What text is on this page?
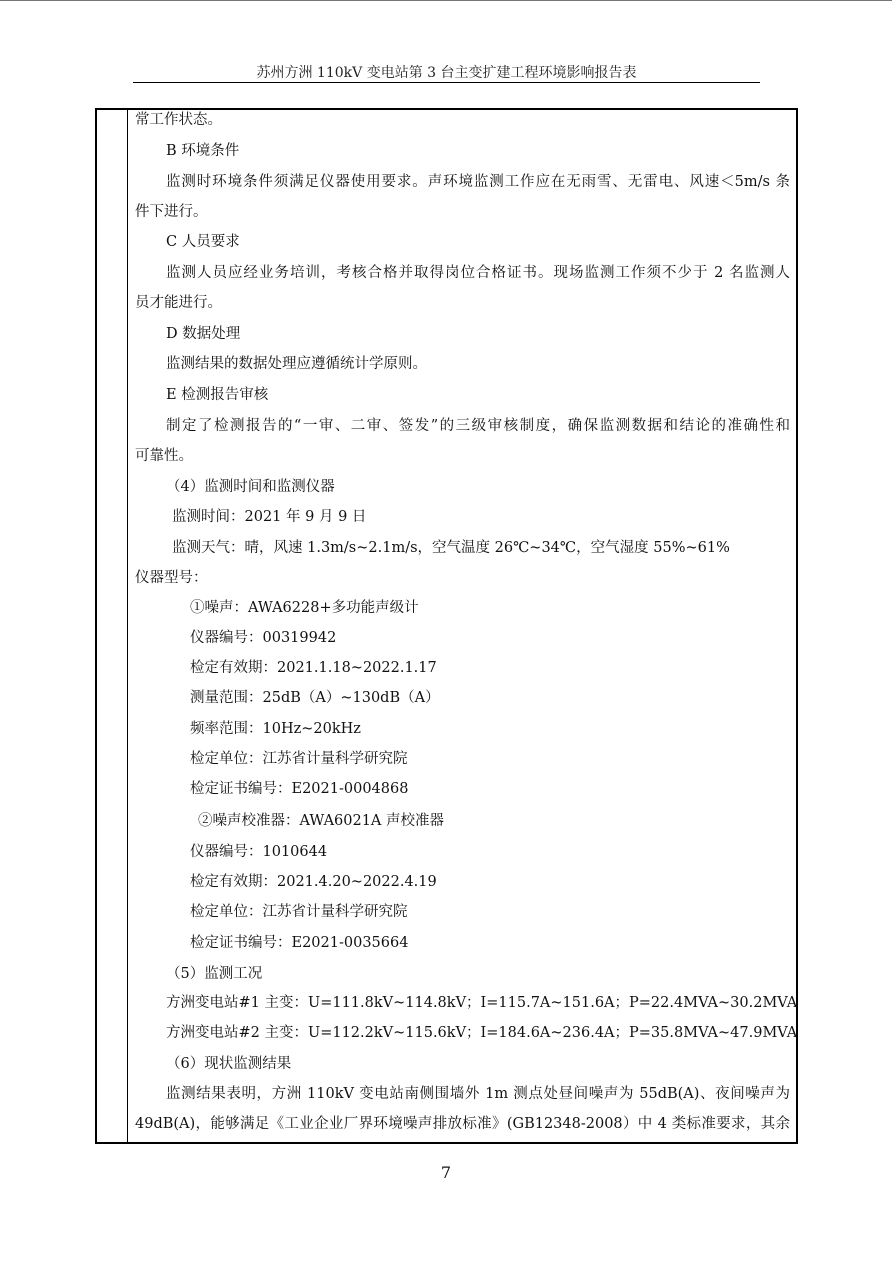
苏州方洲 110kV 变电站第 3 台主变扩建工程环境影响报告表
常工作状态。
B 环境条件
监测时环境条件须满足仪器使用要求。声环境监测工作应在无雨雪、无雷电、风速＜5m/s 条
件下进行。
C 人员要求
监测人员应经业务培训，考核合格并取得岗位合格证书。现场监测工作须不少于 2 名监测人
员才能进行。
D 数据处理
监测结果的数据处理应遵循统计学原则。
E 检测报告审核
制定了检测报告的“一审、二审、签发”的三级审核制度，确保监测数据和结论的准确性和
可靠性。
（4）监测时间和监测仪器
监测时间：2021 年 9 月 9 日
监测天气：晴，风速 1.3m/s~2.1m/s，空气温度 26℃~34℃，空气湿度 55%~61%
仪器型号：
①噪声：AWA6228+多功能声级计
仪器编号：00319942
检定有效期：2021.1.18~2022.1.17
测量范围：25dB（A）~130dB（A）
频率范围：10Hz~20kHz
检定单位：江苏省计量科学研究院
检定证书编号：E2021-0004868
②噪声校准器：AWA6021A 声校准器
仪器编号：1010644
检定有效期：2021.4.20~2022.4.19
检定单位：江苏省计量科学研究院
检定证书编号：E2021-0035664
（5）监测工况
方洲变电站#1 主变：U=111.8kV~114.8kV；I=115.7A~151.6A；P=22.4MVA~30.2MVA
方洲变电站#2 主变：U=112.2kV~115.6kV；I=184.6A~236.4A；P=35.8MVA~47.9MVA
（6）现状监测结果
监测结果表明，方洲 110kV 变电站南侧围墙外 1m 测点处昼间噪声为 55dB(A)、夜间噪声为
49dB(A)，能够满足《工业企业厂界环境噪声排放标准》(GB12348-2008）中 4 类标准要求，其余
7
